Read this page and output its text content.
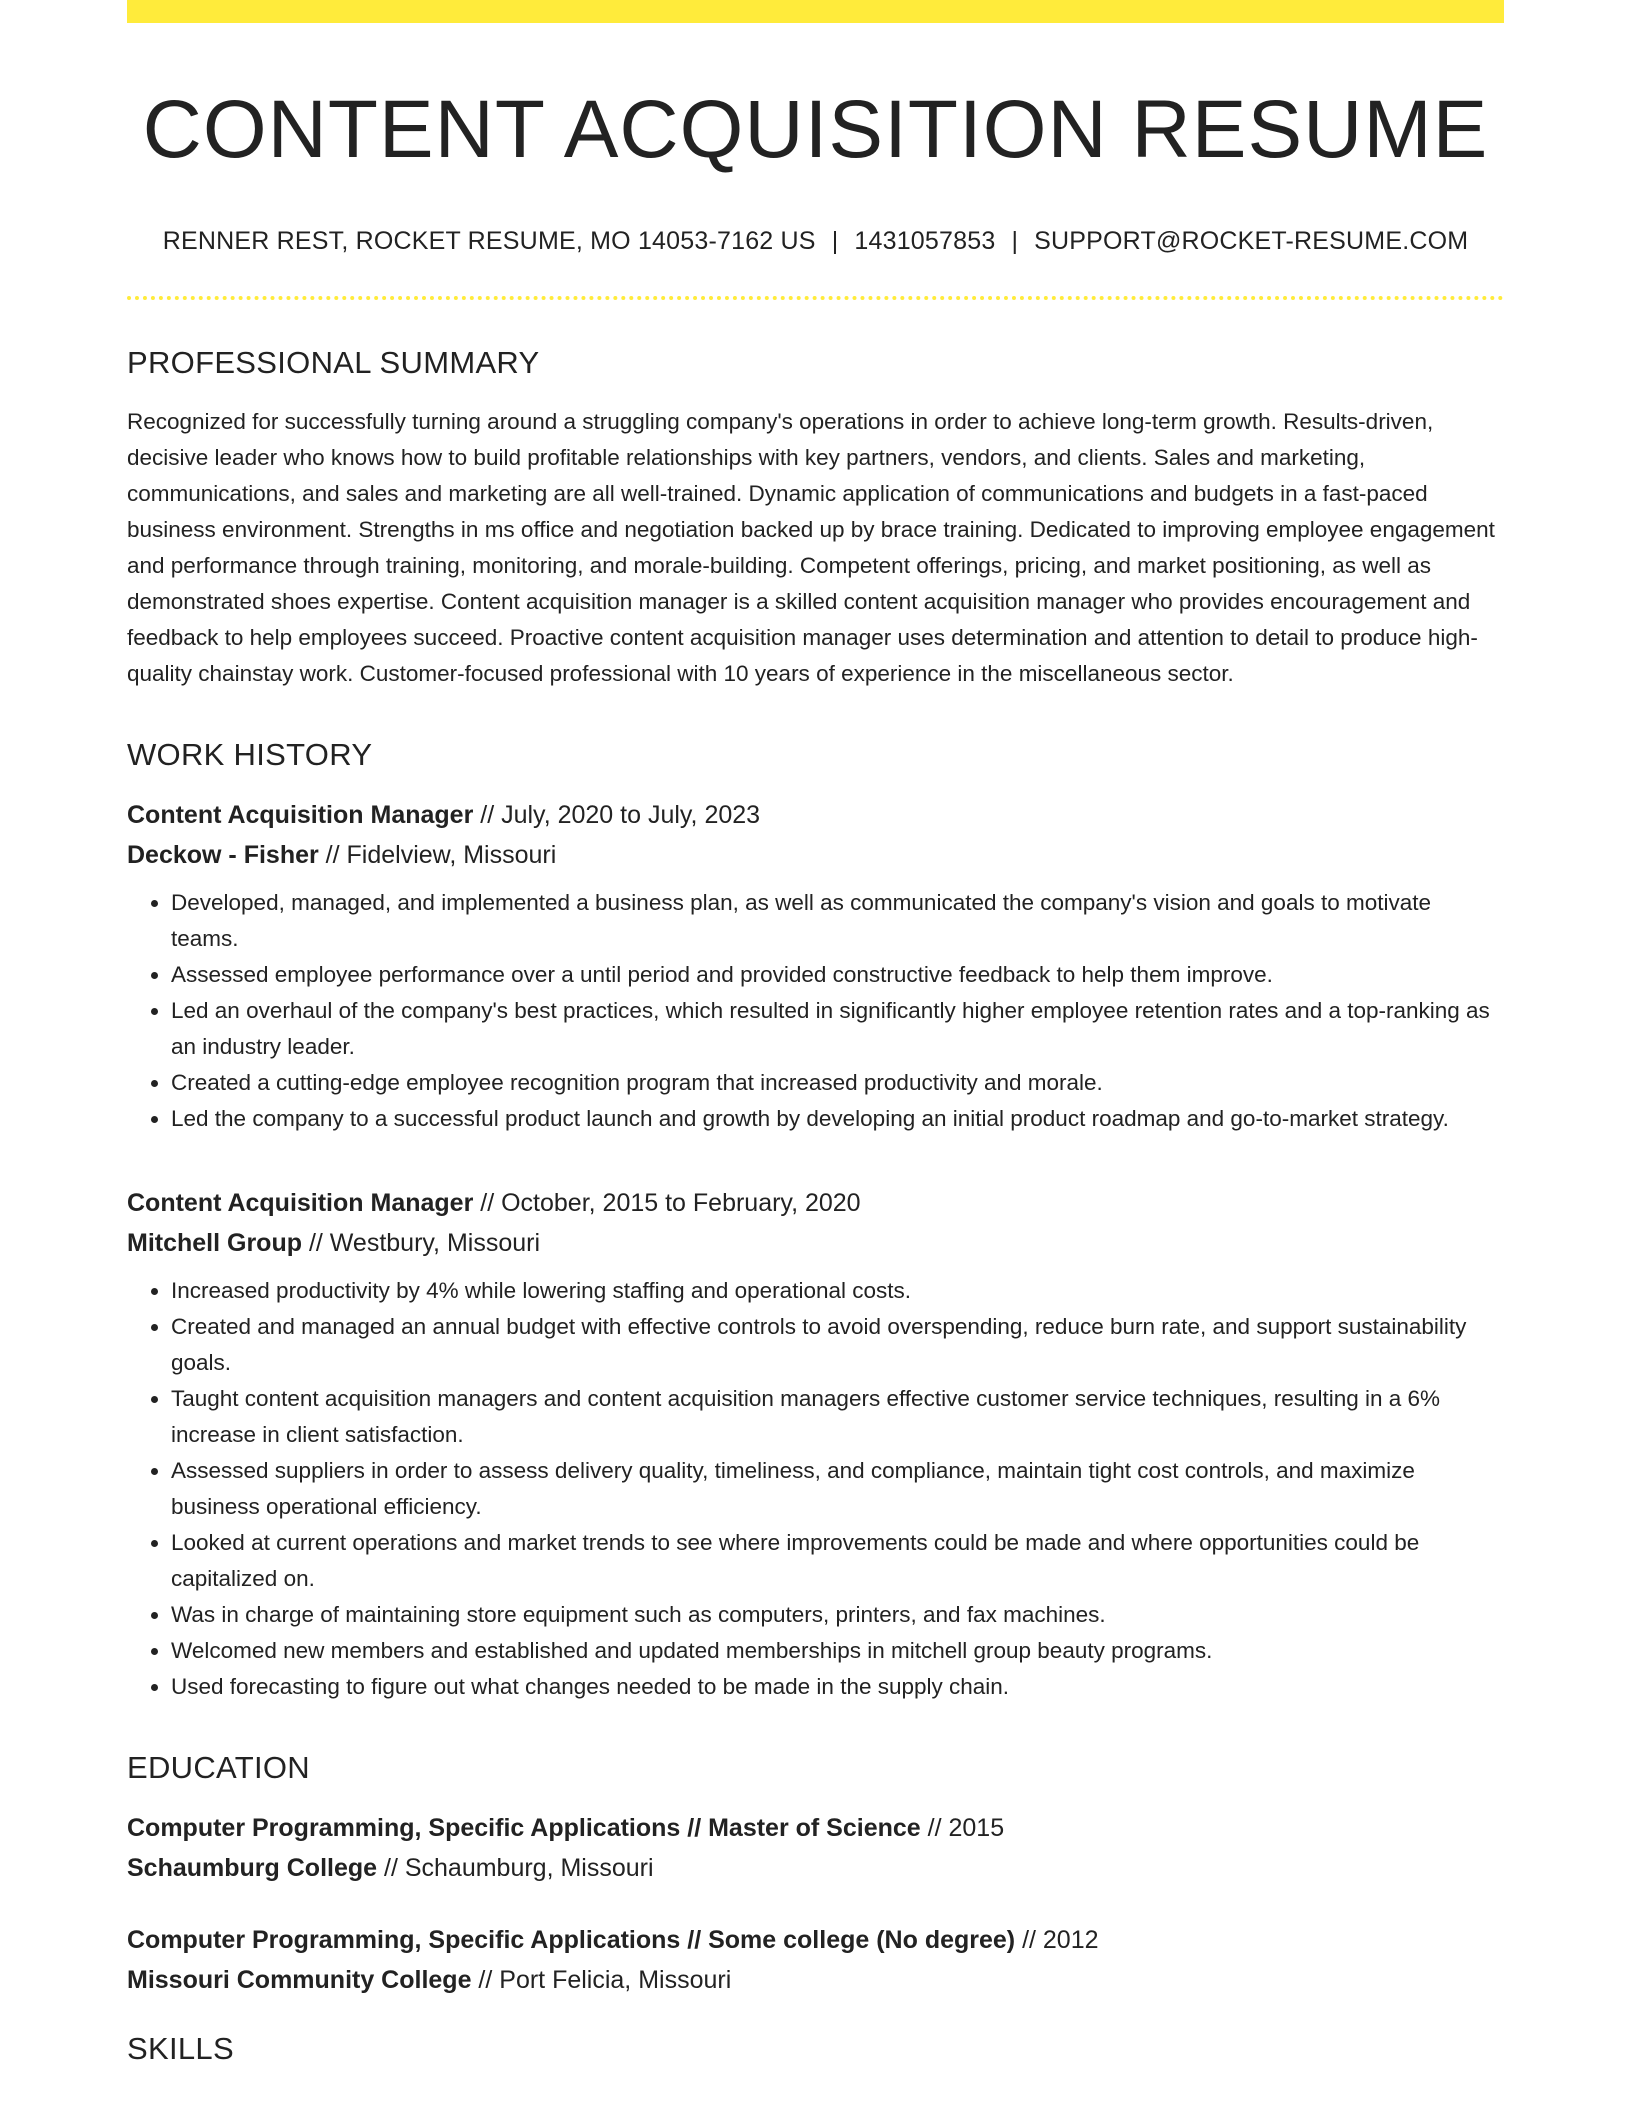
CONTENT ACQUISITION RESUME
RENNER REST, ROCKET RESUME, MO 14053-7162 US | 1431057853 | SUPPORT@ROCKET-RESUME.COM
PROFESSIONAL SUMMARY
Recognized for successfully turning around a struggling company's operations in order to achieve long-term growth. Results-driven, decisive leader who knows how to build profitable relationships with key partners, vendors, and clients. Sales and marketing, communications, and sales and marketing are all well-trained. Dynamic application of communications and budgets in a fast-paced business environment. Strengths in ms office and negotiation backed up by brace training. Dedicated to improving employee engagement and performance through training, monitoring, and morale-building. Competent offerings, pricing, and market positioning, as well as demonstrated shoes expertise. Content acquisition manager is a skilled content acquisition manager who provides encouragement and feedback to help employees succeed. Proactive content acquisition manager uses determination and attention to detail to produce high-quality chainstay work. Customer-focused professional with 10 years of experience in the miscellaneous sector.
WORK HISTORY
Content Acquisition Manager // July, 2020 to July, 2023
Deckow - Fisher // Fidelview, Missouri
• Developed, managed, and implemented a business plan, as well as communicated the company's vision and goals to motivate teams.
• Assessed employee performance over a until period and provided constructive feedback to help them improve.
• Led an overhaul of the company's best practices, which resulted in significantly higher employee retention rates and a top-ranking as an industry leader.
• Created a cutting-edge employee recognition program that increased productivity and morale.
• Led the company to a successful product launch and growth by developing an initial product roadmap and go-to-market strategy.
Content Acquisition Manager // October, 2015 to February, 2020
Mitchell Group // Westbury, Missouri
• Increased productivity by 4% while lowering staffing and operational costs.
• Created and managed an annual budget with effective controls to avoid overspending, reduce burn rate, and support sustainability goals.
• Taught content acquisition managers and content acquisition managers effective customer service techniques, resulting in a 6% increase in client satisfaction.
• Assessed suppliers in order to assess delivery quality, timeliness, and compliance, maintain tight cost controls, and maximize business operational efficiency.
• Looked at current operations and market trends to see where improvements could be made and where opportunities could be capitalized on.
• Was in charge of maintaining store equipment such as computers, printers, and fax machines.
• Welcomed new members and established and updated memberships in mitchell group beauty programs.
• Used forecasting to figure out what changes needed to be made in the supply chain.
EDUCATION
Computer Programming, Specific Applications // Master of Science // 2015
Schaumburg College // Schaumburg, Missouri
Computer Programming, Specific Applications // Some college (No degree) // 2012
Missouri Community College // Port Felicia, Missouri
SKILLS
